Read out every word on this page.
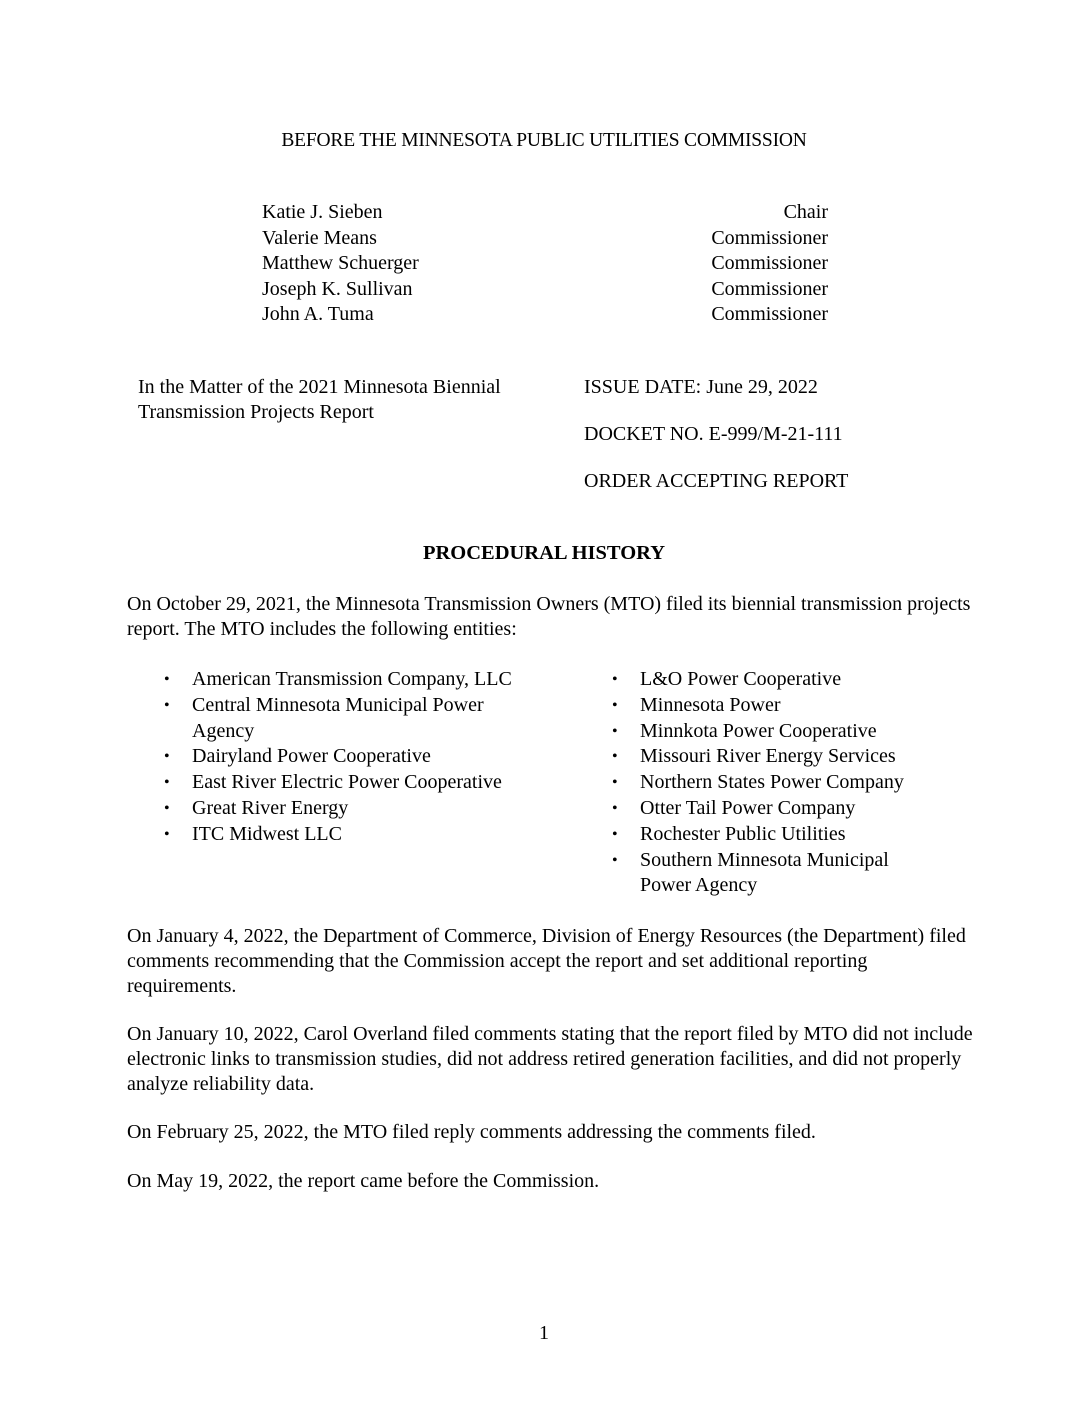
BEFORE THE MINNESOTA PUBLIC UTILITIES COMMISSION
Katie J. Sieben	Chair
Valerie Means	Commissioner
Matthew Schuerger	Commissioner
Joseph K. Sullivan	Commissioner
John A. Tuma	Commissioner
In the Matter of the 2021 Minnesota Biennial Transmission Projects Report
ISSUE DATE: June 29, 2022
DOCKET NO. E-999/M-21-111
ORDER ACCEPTING REPORT
PROCEDURAL HISTORY
On October 29, 2021, the Minnesota Transmission Owners (MTO) filed its biennial transmission projects report. The MTO includes the following entities:
• American Transmission Company, LLC
• Central Minnesota Municipal Power Agency
• Dairyland Power Cooperative
• East River Electric Power Cooperative
• Great River Energy
• ITC Midwest LLC
• L&O Power Cooperative
• Minnesota Power
• Minnkota Power Cooperative
• Missouri River Energy Services
• Northern States Power Company
• Otter Tail Power Company
• Rochester Public Utilities
• Southern Minnesota Municipal Power Agency
On January 4, 2022, the Department of Commerce, Division of Energy Resources (the Department) filed comments recommending that the Commission accept the report and set additional reporting requirements.
On January 10, 2022, Carol Overland filed comments stating that the report filed by MTO did not include electronic links to transmission studies, did not address retired generation facilities, and did not properly analyze reliability data.
On February 25, 2022, the MTO filed reply comments addressing the comments filed.
On May 19, 2022, the report came before the Commission.
1
